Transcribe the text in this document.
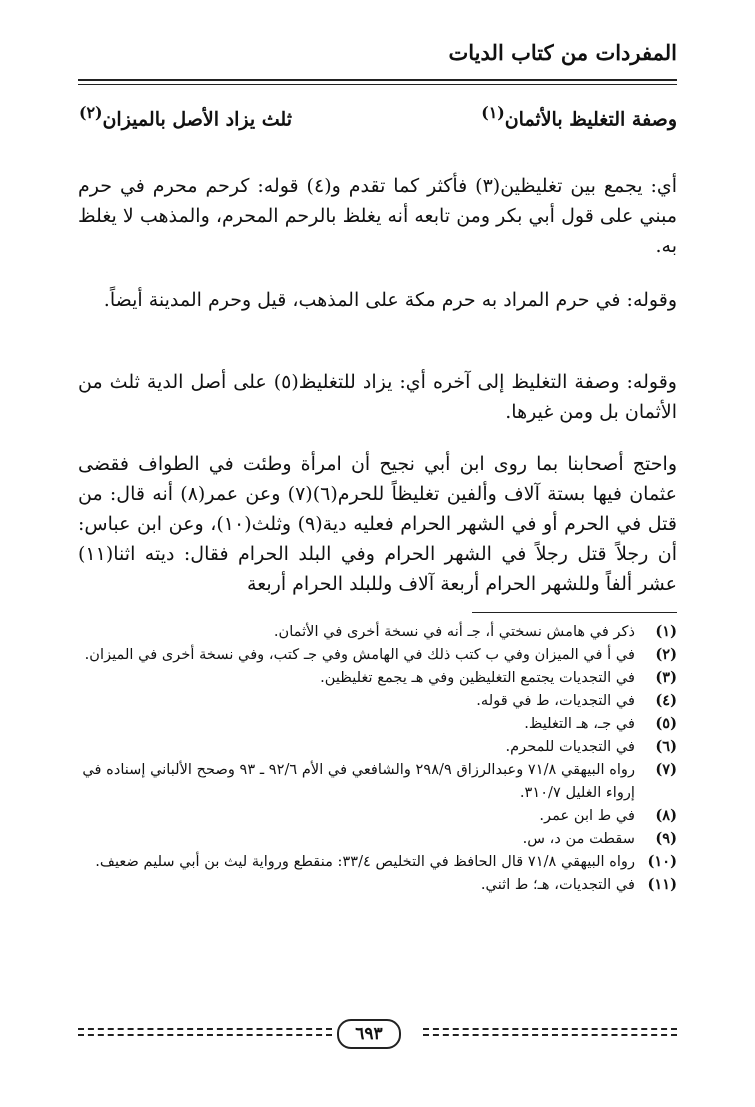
المفردات من كتاب الديات
وصفة التغليظ بالأثمان$^{(١)}$
ثلث يزاد الأصل بالميزان$^{(٢)}$

أي: يجمع بين تغليظين(٣) فأكثر كما تقدم و(٤) قوله: كرحم محرم في حرم مبني على قول أبي بكر ومن تابعه أنه يغلظ بالرحم المحرم، والمذهب لا يغلظ به.

وقوله: في حرم المراد به حرم مكة على المذهب، قيل وحرم المدينة أيضاً.

وقوله: وصفة التغليظ إلى آخره أي: يزاد للتغليظ(٥) على أصل الدية ثلث من الأثمان بل ومن غيرها.

واحتج أصحابنا بما روى ابن أبي نجيح أن امرأة وطئت في الطواف فقضى عثمان فيها بستة آلاف وألفين تغليظاً للحرم(٦)(٧) وعن عمر(٨) أنه قال: من قتل في الحرم أو في الشهر الحرام فعليه دية(٩) وثلث(١٠)، وعن ابن عباس: أن رجلاً قتل رجلاً في الشهر الحرام وفي البلد الحرام فقال: ديته اثنا(١١) عشر ألفاً وللشهر الحرام أربعة آلاف وللبلد الحرام أربعة

(١)
ذكر في هامش نسختي أ، جـ أنه في نسخة أخرى في الأثمان.
(٢)
في أ في الميزان وفي ب كتب ذلك في الهامش وفي جـ كتب، وفي نسخة أخرى في الميزان.
(٣)
في التجديات يجتمع التغليظين وفي هـ يجمع تغليظين.
(٤)
في التجديات، ط في قوله.
(٥)
في جـ، هـ التغليظ.
(٦)
في التجديات للمحرم.
(٧)
رواه البيهقي ٧١/٨ وعبدالرزاق ٢٩٨/٩ والشافعي في الأم ٩٢/٦ ـ ٩٣ وصحح الألباني إسناده في إرواء الغليل ٣١٠/٧.
(٨)
في ط ابن عمر.
(٩)
سقطت من د، س.
(١٠)
رواه البيهقي ٧١/٨ قال الحافظ في التخليص ٣٣/٤: منقطع ورواية ليث بن أبي سليم ضعيف.
(١١)
في التجديات، هـ؛ ط اثني.
٦٩٣
